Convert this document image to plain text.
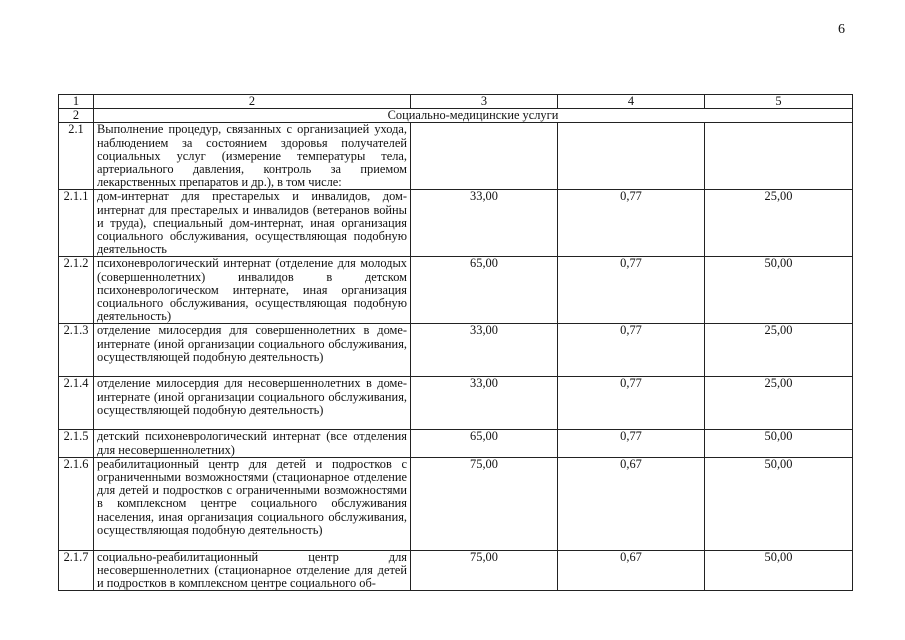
6
1	2	3	4	5
2	Социально-медицинские услуги			
2.1	Выполнение процедур, связанных с организацией ухода, наблюдением за состоянием здоровья получателей социальных услуг (измерение температуры тела, артериального давления, контроль за приемом лекарственных препаратов и др.), в том числе:			
2.1.1	дом-интернат для престарелых и инвалидов, дом-интернат для престарелых и инвалидов (ветеранов войны и труда), специальный дом-интернат, иная организация социального обслуживания, осуществляющая подобную деятельность	33,00	0,77	25,00
2.1.2	психоневрологический интернат (отделение для молодых (совершеннолетних) инвалидов в детском психоневрологическом интернате, иная организация социального обслуживания, осуществляющая подобную деятельность)	65,00	0,77	50,00
2.1.3	отделение милосердия для совершеннолетних в доме-интернате (иной организации социального обслуживания, осуществляющей подобную деятельность)	33,00	0,77	25,00
2.1.4	отделение милосердия для несовершеннолетних в доме-интернате (иной организации социального обслуживания, осуществляющей подобную деятельность)	33,00	0,77	25,00
2.1.5	детский психоневрологический интернат (все отделения для несовершеннолетних)	65,00	0,77	50,00
2.1.6	реабилитационный центр для детей и подростков с ограниченными возможностями (стационарное отделение для детей и подростков с ограниченными возможностями в комплексном центре социального обслуживания населения, иная организация социального обслуживания, осуществляющая подобную деятельность)	75,00	0,67	50,00
2.1.7	социально-реабилитационный центр для несовершеннолетних (стационарное отделение для детей и подростков в комплексном центре социального об-	75,00	0,67	50,00
